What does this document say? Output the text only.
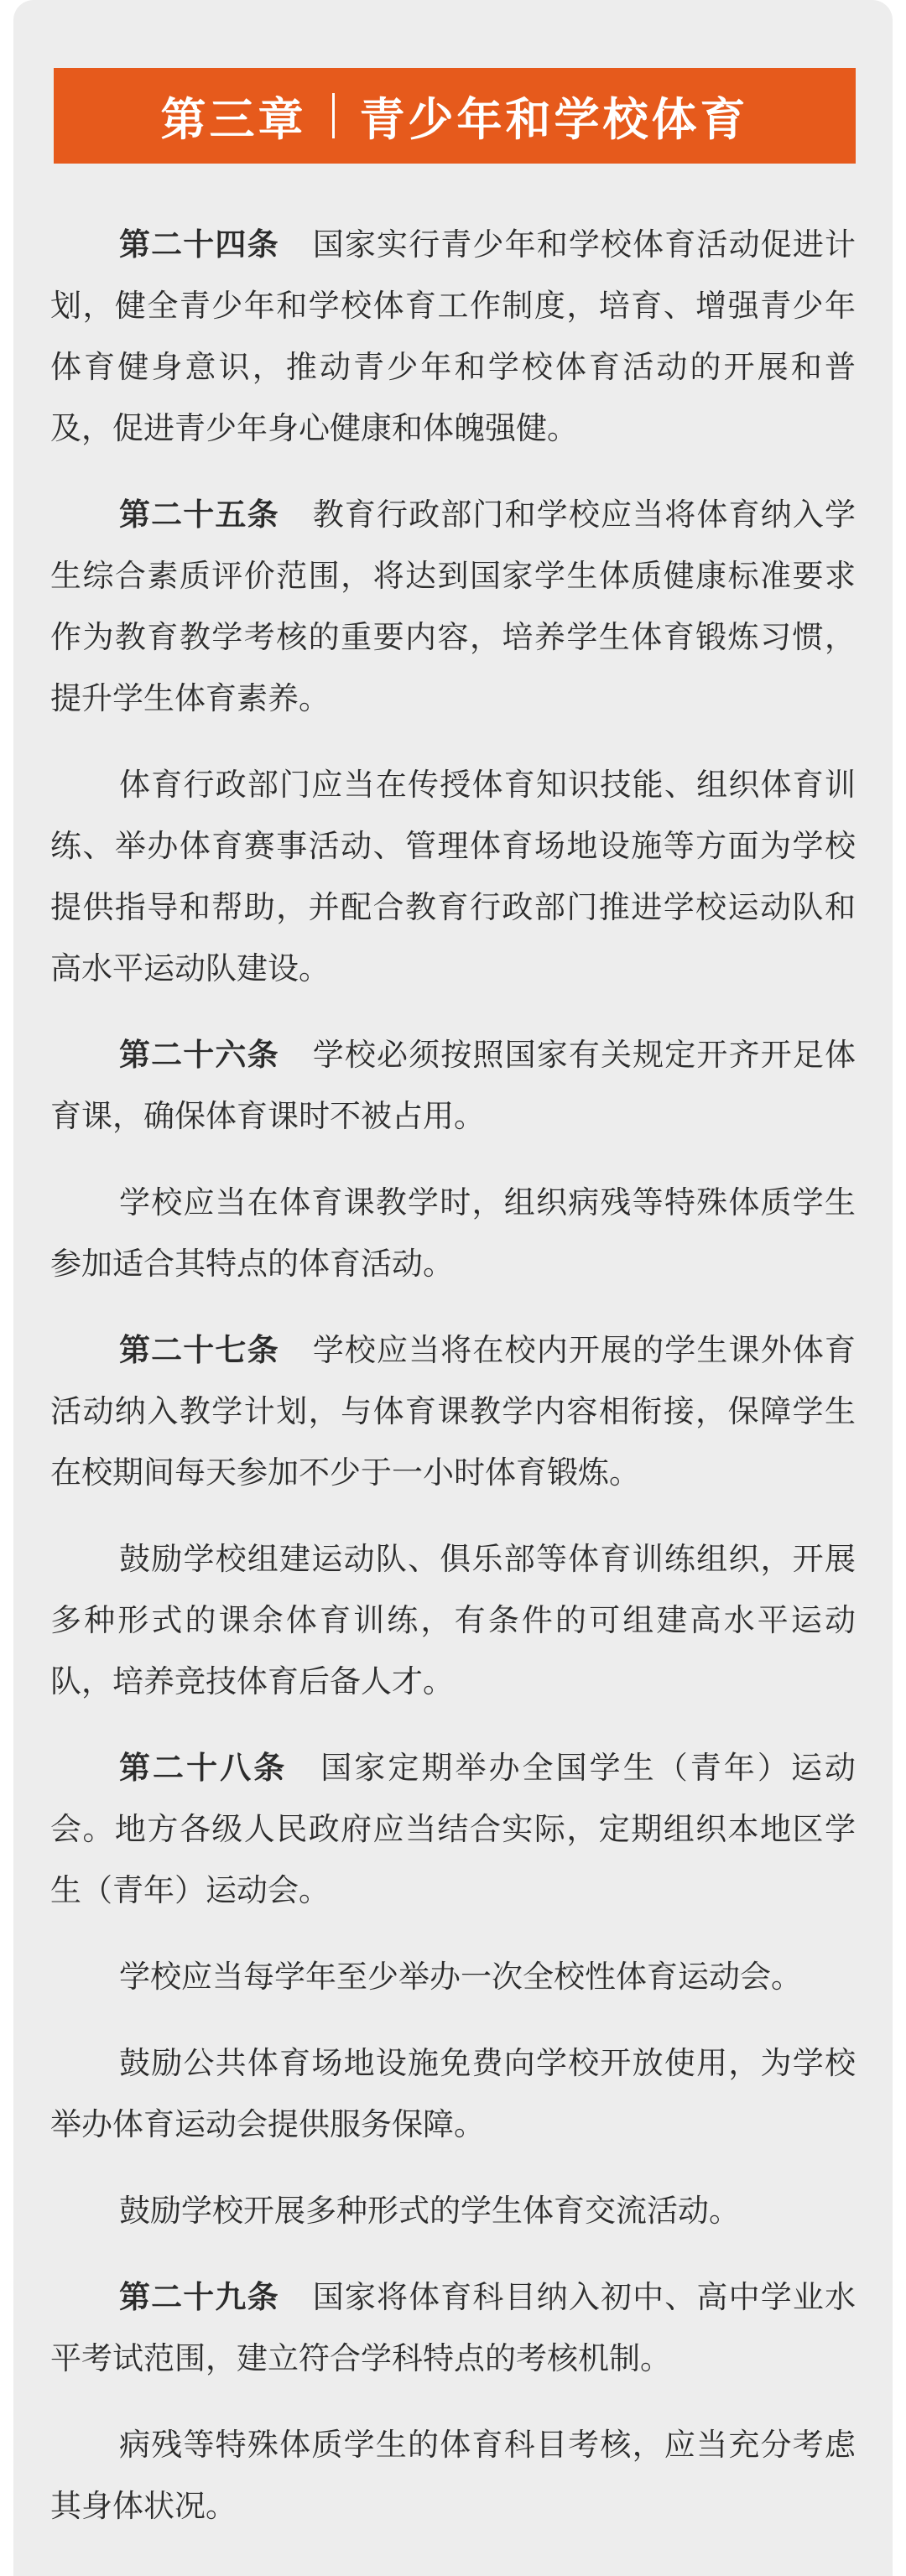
第三章 青少年和学校体育

第二十四条 国家实行青少年和学校体育活动促进计划，健全青少年和学校体育工作制度，培育、增强青少年体育健身意识，推动青少年和学校体育活动的开展和普及，促进青少年身心健康和体魄强健。

第二十五条 教育行政部门和学校应当将体育纳入学生综合素质评价范围，将达到国家学生体质健康标准要求作为教育教学考核的重要内容，培养学生体育锻炼习惯，提升学生体育素养。

体育行政部门应当在传授体育知识技能、组织体育训练、举办体育赛事活动、管理体育场地设施等方面为学校提供指导和帮助，并配合教育行政部门推进学校运动队和高水平运动队建设。

第二十六条 学校必须按照国家有关规定开齐开足体育课，确保体育课时不被占用。

学校应当在体育课教学时，组织病残等特殊体质学生参加适合其特点的体育活动。

第二十七条 学校应当将在校内开展的学生课外体育活动纳入教学计划，与体育课教学内容相衔接，保障学生在校期间每天参加不少于一小时体育锻炼。

鼓励学校组建运动队、俱乐部等体育训练组织，开展多种形式的课余体育训练，有条件的可组建高水平运动队，培养竞技体育后备人才。

第二十八条 国家定期举办全国学生（青年）运动会。地方各级人民政府应当结合实际，定期组织本地区学生（青年）运动会。

学校应当每学年至少举办一次全校性体育运动会。

鼓励公共体育场地设施免费向学校开放使用，为学校举办体育运动会提供服务保障。

鼓励学校开展多种形式的学生体育交流活动。

第二十九条 国家将体育科目纳入初中、高中学业水平考试范围，建立符合学科特点的考核机制。

病残等特殊体质学生的体育科目考核，应当充分考虑其身体状况。
